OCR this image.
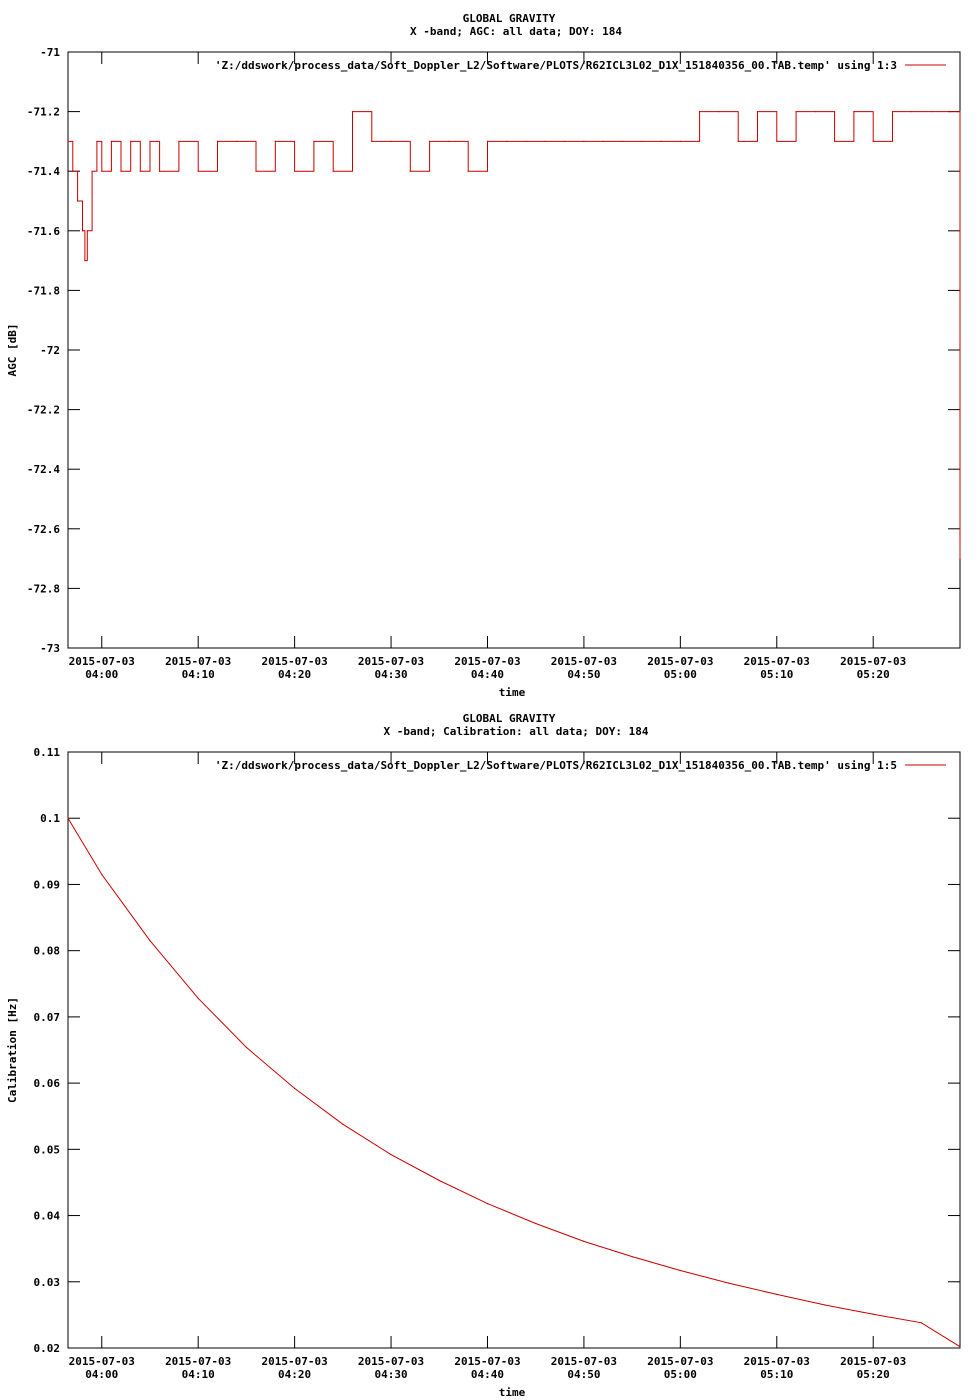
GLOBAL GRAVITY
X -band; AGC: all data; DOY: 184
-71
-71.2
-71.4
-71.6
-71.8
-72
-72.2
-72.4
-72.6
-72.8
-73
2015-07-03
04:00
2015-07-03
04:10
2015-07-03
04:20
2015-07-03
04:30
2015-07-03
04:40
2015-07-03
04:50
2015-07-03
05:00
2015-07-03
05:10
2015-07-03
05:20
AGC [dB]
time
'Z:/ddswork/process_data/Soft_Doppler_L2/Software/PLOTS/R62ICL3L02_D1X_151840356_00.TAB.temp' using 1:3
GLOBAL GRAVITY
X -band; Calibration: all data; DOY: 184
0.11
0.1
0.09
0.08
0.07
0.06
0.05
0.04
0.03
0.02
2015-07-03
04:00
2015-07-03
04:10
2015-07-03
04:20
2015-07-03
04:30
2015-07-03
04:40
2015-07-03
04:50
2015-07-03
05:00
2015-07-03
05:10
2015-07-03
05:20
Calibration [Hz]
time
'Z:/ddswork/process_data/Soft_Doppler_L2/Software/PLOTS/R62ICL3L02_D1X_151840356_00.TAB.temp' using 1:5
